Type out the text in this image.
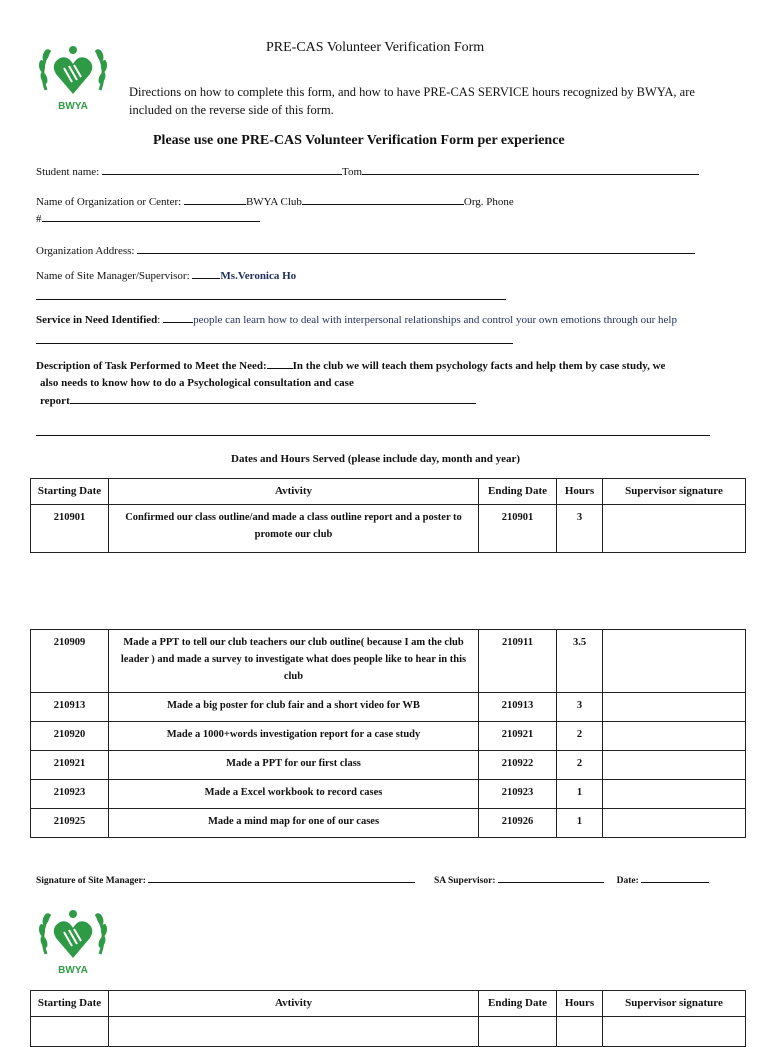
BWYA
PRE-CAS Volunteer Verification Form
Directions on how to complete this form, and how to have PRE-CAS SERVICE hours recognized by BWYA, are included on the reverse side of this form.
Please use one PRE-CAS Volunteer Verification Form per experience
Student name:	Tom
Name of Organization or Center:	BWYA Club	Org. Phone
#
Organization Address:
Name of Site Manager/Supervisor:	Ms.Veronica Ho
Service in Need Identified:	people can learn how to deal with interpersonal relationships and control your own emotions through our help
Description of Task Performed to Meet the Need: In the club we will teach them psychology facts and help them by case study, we
also needs to know how to do a Psychological consultation and case
report
Dates and Hours Served (please include day, month and year)
Starting Date	Avtivity	Ending Date	Hours	Supervisor signature
210901	Confirmed our class outline/and made a class outline report and a poster to promote our club	210901	3	
210909	Made a PPT to tell our club teachers our club outline( because I am the club leader ) and made a survey to investigate what does people like to hear in this club	210911	3.5	
210913	Made a big poster for club fair and a short video for WB	210913	3	
210920	Made a 1000+words investigation report for a case study	210921	2	
210921	Made a PPT for our first class	210922	2	
210923	Made a Excel workbook to record cases	210923	1	
210925	Made a mind map for one of our cases	210926	1	
Signature of Site Manager:	SA Supervisor:	Date:
BWYA
Starting Date	Avtivity	Ending Date	Hours	Supervisor signature
